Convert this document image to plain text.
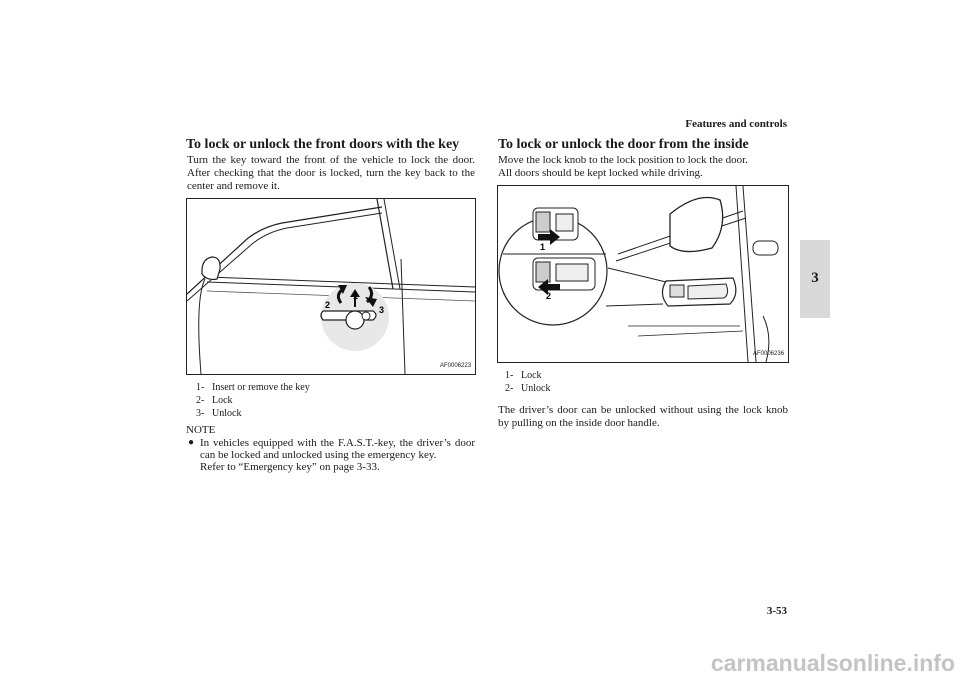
Features and controls
3
To lock or unlock the front doors with the key
Turn the key toward the front of the vehicle to lock the door. After checking that the door is locked, turn the key back to the center and remove it.
1
2	3
AF0006223
1- Insert or remove the key
2- Lock
3- Unlock
NOTE
● In vehicles equipped with the F.A.S.T.-key, the driver’s door can be locked and unlocked using the emergency key.
Refer to “Emergency key” on page 3-33.
To lock or unlock the door from the inside
Move the lock knob to the lock position to lock the door.
All doors should be kept locked while driving.
1
2
AF0006236
1- Lock
2- Unlock
The driver’s door can be unlocked without using the lock knob by pulling on the inside door handle.
3-53
carmanualsonline.info
